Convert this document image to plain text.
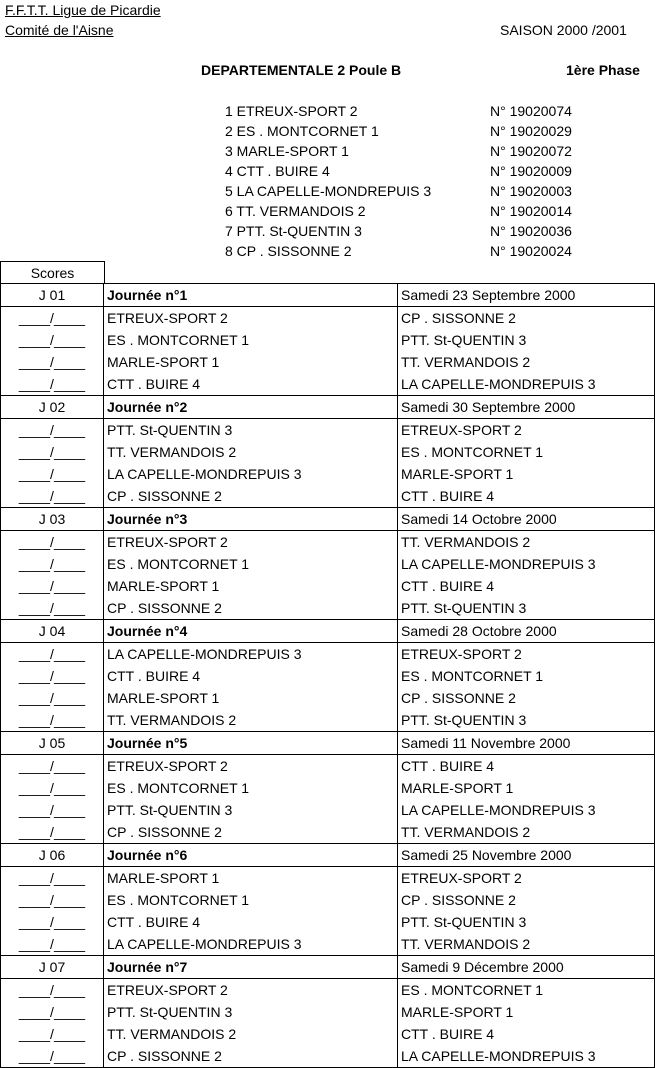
F.F.T.T. Ligue de Picardie
Comité de l'Aisne	SAISON 2000 /2001
DEPARTEMENTALE 2 Poule B	1ère Phase
1 ETREUX-SPORT 2	N° 19020074
2 ES . MONTCORNET 1	N° 19020029
3 MARLE-SPORT 1	N° 19020072
4 CTT . BUIRE 4	N° 19020009
5 LA CAPELLE-MONDREPUIS 3	N° 19020003
6 TT. VERMANDOIS 2	N° 19020014
7 PTT. St-QUENTIN 3	N° 19020036
8 CP . SISSONNE 2	N° 19020024
Scores
J 01	Journée n°1	Samedi 23 Septembre 2000
____/____	ETREUX-SPORT 2	CP . SISSONNE 2
____/____	ES . MONTCORNET 1	PTT. St-QUENTIN 3
____/____	MARLE-SPORT 1	TT. VERMANDOIS 2
____/____	CTT . BUIRE 4	LA CAPELLE-MONDREPUIS 3
J 02	Journée n°2	Samedi 30 Septembre 2000
____/____	PTT. St-QUENTIN 3	ETREUX-SPORT 2
____/____	TT. VERMANDOIS 2	ES . MONTCORNET 1
____/____	LA CAPELLE-MONDREPUIS 3	MARLE-SPORT 1
____/____	CP . SISSONNE 2	CTT . BUIRE 4
J 03	Journée n°3	Samedi 14 Octobre 2000
____/____	ETREUX-SPORT 2	TT. VERMANDOIS 2
____/____	ES . MONTCORNET 1	LA CAPELLE-MONDREPUIS 3
____/____	MARLE-SPORT 1	CTT . BUIRE 4
____/____	CP . SISSONNE 2	PTT. St-QUENTIN 3
J 04	Journée n°4	Samedi 28 Octobre 2000
____/____	LA CAPELLE-MONDREPUIS 3	ETREUX-SPORT 2
____/____	CTT . BUIRE 4	ES . MONTCORNET 1
____/____	MARLE-SPORT 1	CP . SISSONNE 2
____/____	TT. VERMANDOIS 2	PTT. St-QUENTIN 3
J 05	Journée n°5	Samedi 11 Novembre 2000
____/____	ETREUX-SPORT 2	CTT . BUIRE 4
____/____	ES . MONTCORNET 1	MARLE-SPORT 1
____/____	PTT. St-QUENTIN 3	LA CAPELLE-MONDREPUIS 3
____/____	CP . SISSONNE 2	TT. VERMANDOIS 2
J 06	Journée n°6	Samedi 25 Novembre 2000
____/____	MARLE-SPORT 1	ETREUX-SPORT 2
____/____	ES . MONTCORNET 1	CP . SISSONNE 2
____/____	CTT . BUIRE 4	PTT. St-QUENTIN 3
____/____	LA CAPELLE-MONDREPUIS 3	TT. VERMANDOIS 2
J 07	Journée n°7	Samedi 9 Décembre 2000
____/____	ETREUX-SPORT 2	ES . MONTCORNET 1
____/____	PTT. St-QUENTIN 3	MARLE-SPORT 1
____/____	TT. VERMANDOIS 2	CTT . BUIRE 4
____/____	CP . SISSONNE 2	LA CAPELLE-MONDREPUIS 3
